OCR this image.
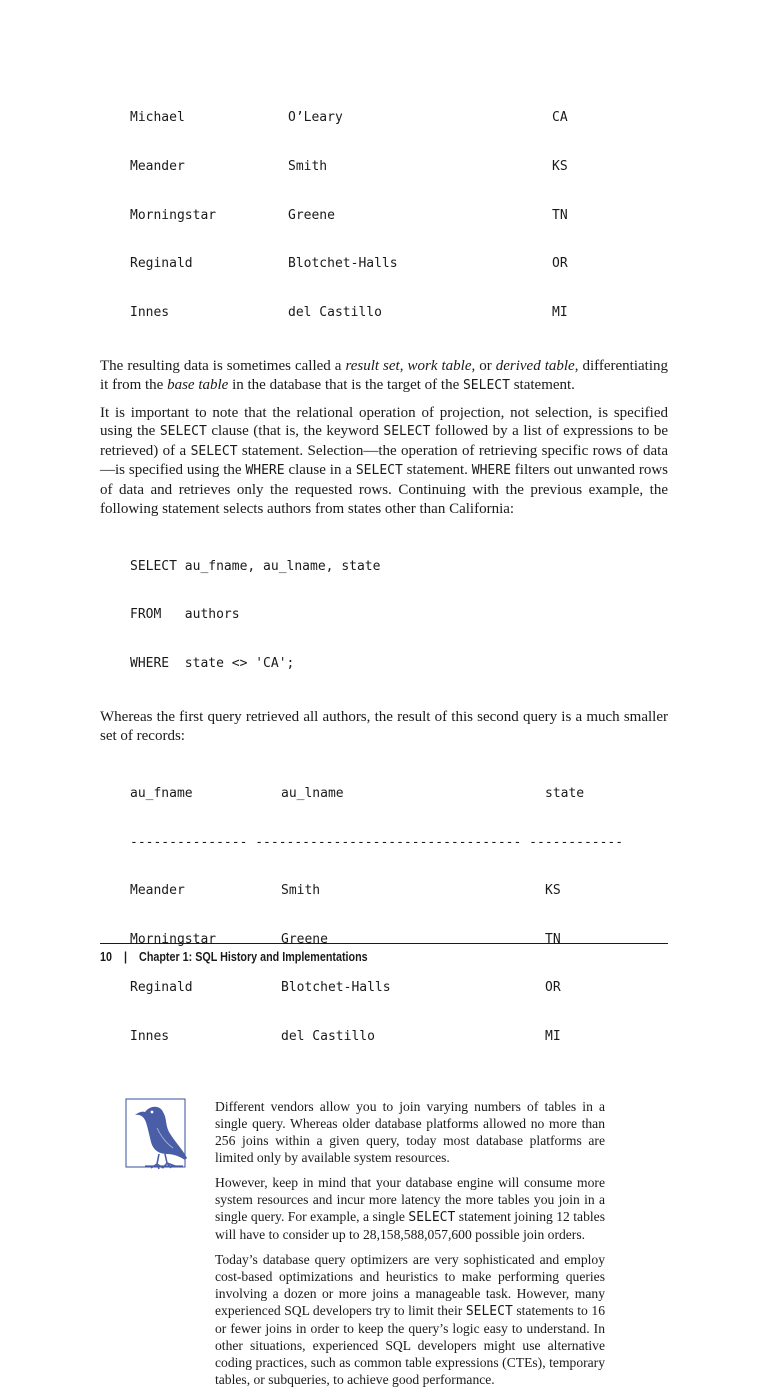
Michael	O’Leary	CA

Meander	Smith	KS

Morningstar	Greene	TN

Reginald	Blotchet-Halls	OR

Innes	del Castillo	MI

The resulting data is sometimes called a result set, work table, or derived table, differentiating it from the base table in the database that is the target of the SELECT statement.

It is important to note that the relational operation of projection, not selection, is specified using the SELECT clause (that is, the keyword SELECT followed by a list of expressions to be retrieved) of a SELECT statement. Selection—the operation of retrieving specific rows of data—is specified using the WHERE clause in a SELECT statement. WHERE filters out unwanted rows of data and retrieves only the requested rows. Continuing with the previous example, the following statement selects authors from states other than California:

SELECT au_fname, au_lname, state

FROM   authors

WHERE  state <> 'CA';

Whereas the first query retrieved all authors, the result of this second query is a much smaller set of records:

au_fname	au_lname	state

--------------- ---------------------------------- ------------

Meander	Smith	KS

Morningstar	Greene	TN

Reginald	Blotchet-Halls	OR

Innes	del Castillo	MI

Different vendors allow you to join varying numbers of tables in a single query. Whereas older database platforms allowed no more than 256 joins within a given query, today most database platforms are limited only by available system resources.

However, keep in mind that your database engine will consume more system resources and incur more latency the more tables you join in a single query. For example, a single SELECT statement joining 12 tables will have to consider up to 28,158,588,057,600 possible join orders.

Today’s database query optimizers are very sophisticated and employ cost-based optimizations and heuristics to make performing queries involving a dozen or more joins a manageable task. However, many experienced SQL developers try to limit their SELECT statements to 16 or fewer joins in order to keep the query’s logic easy to understand. In other situations, experienced SQL developers might use alternative coding practices, such as common table expressions (CTEs), temporary tables, or subqueries, to achieve good performance.

10 | Chapter 1: SQL History and Implementations
